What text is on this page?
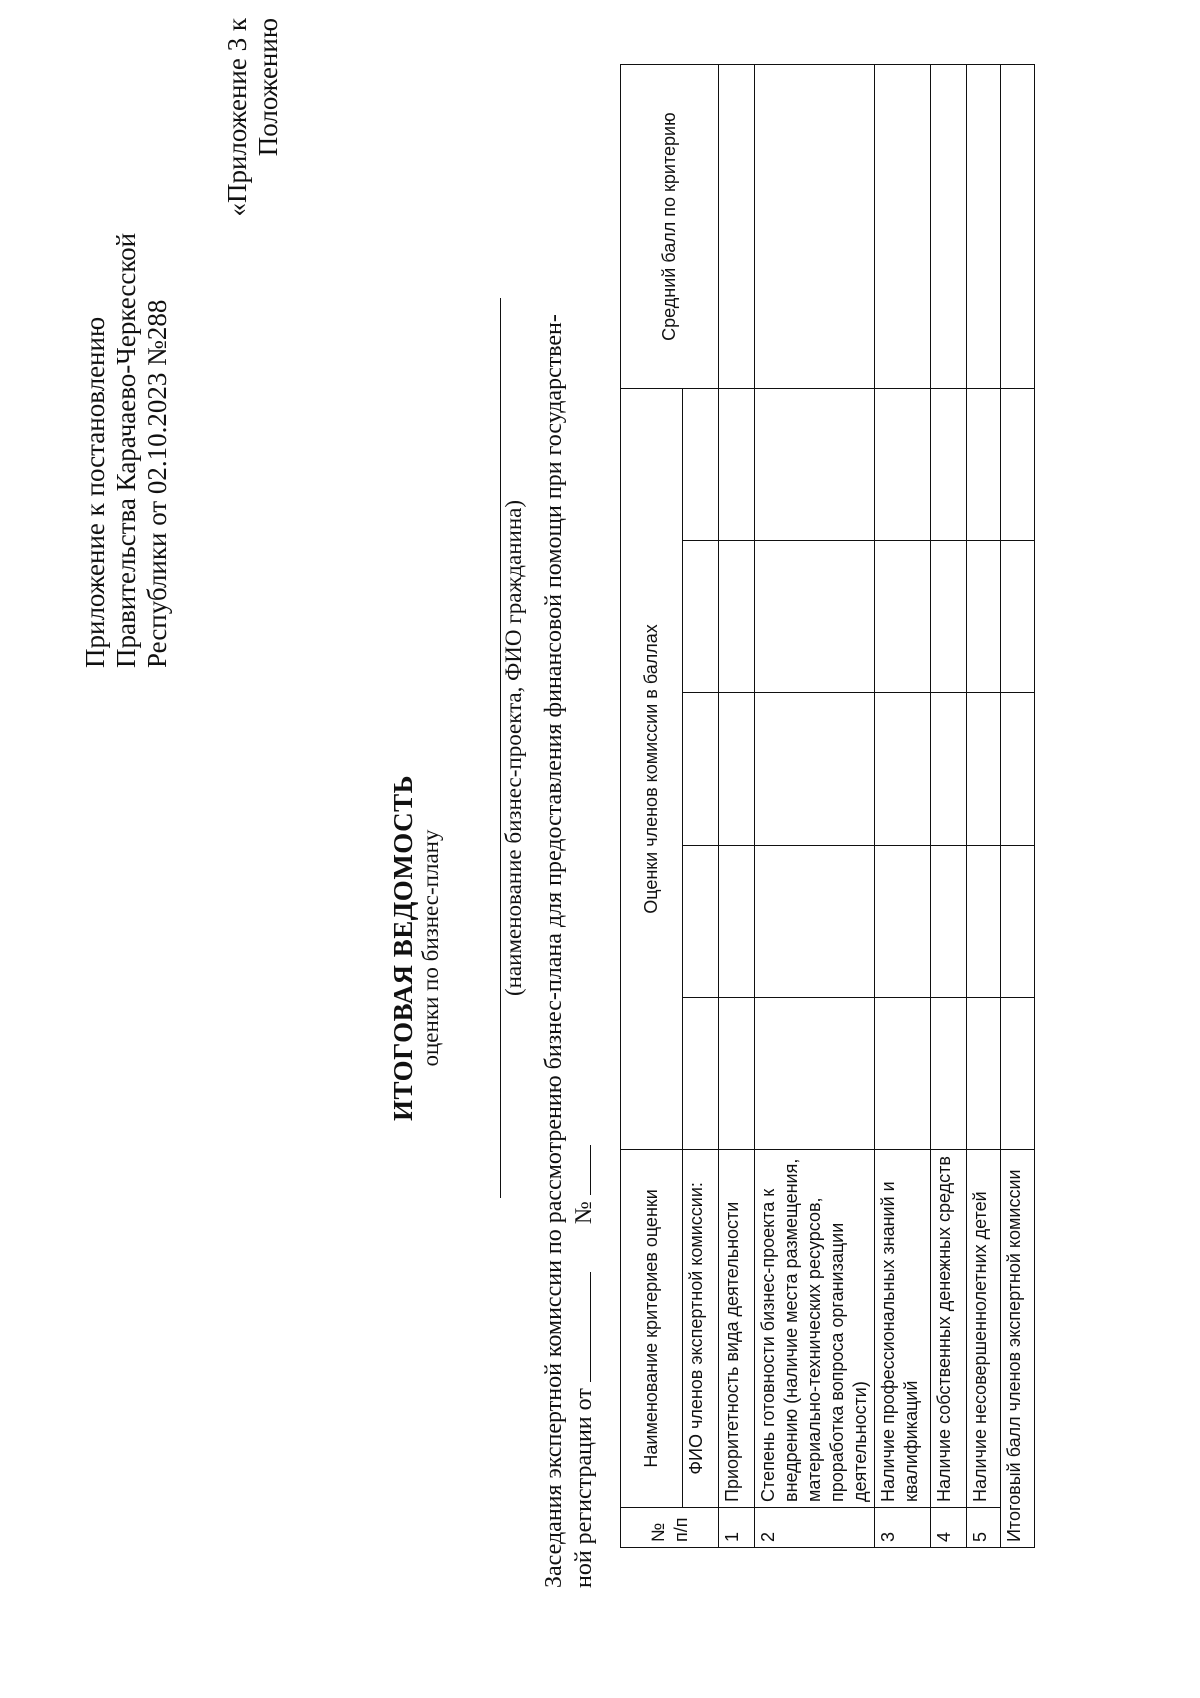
Приложение к постановлению Правительства Карачаево-Черкесской Республики от 02.10.2023 №288
«Приложение 3 к Положению
ИТОГОВАЯ ВЕДОМОСТЬ оценки по бизнес-плану	(наименование бизнес-проекта, ФИО гражданина) Заседания экспертной комиссии по рассмотрению бизнес-плана для предоставления финансовой помощи при государствен- ной регистрации от   №
№ п/п	Наименование критериев оценки	Оценки членов комиссии в баллах					Средний балл по критерию
	ФИО членов экспертной комиссии:						
1	Приоритетность вида деятельности						
2	Степень готовности бизнес-проекта к внедрению (наличие места размещения, материально-технических ресурсов, проработка вопроса организации деятельности)						
3	Наличие профессиональных знаний и квалификаций						
4	Наличие собственных денежных средств						
5	Наличие несовершеннолетних детей						
Итоговый балл членов экспертной комиссии							
